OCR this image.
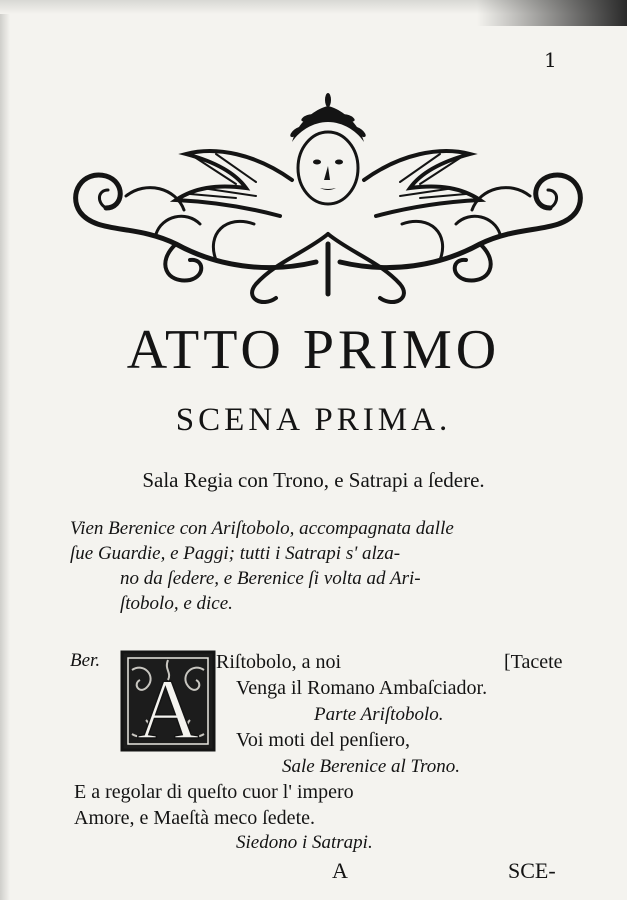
1
ATTO PRIMO
SCENA PRIMA.
Sala Regia con Trono, e Satrapi a ſedere.
Vien Berenice con Ariſtobolo, accompagnata dalle
ſue Guardie, e Paggi; tutti i Satrapi s' alza-
no da ſedere, e Berenice ſi volta ad Ari-
ſtobolo, e dice.
Ber.
A Riſtobolo, a noi	[Tacete
Venga il Romano Ambaſciador.
Parte Ariſtobolo.
Voi moti del penſiero,
Sale Berenice al Trono.
E a regolar di queſto cuor l' impero
Amore, e Maeſtà meco ſedete.
Siedono i Satrapi.
A	SCE-
